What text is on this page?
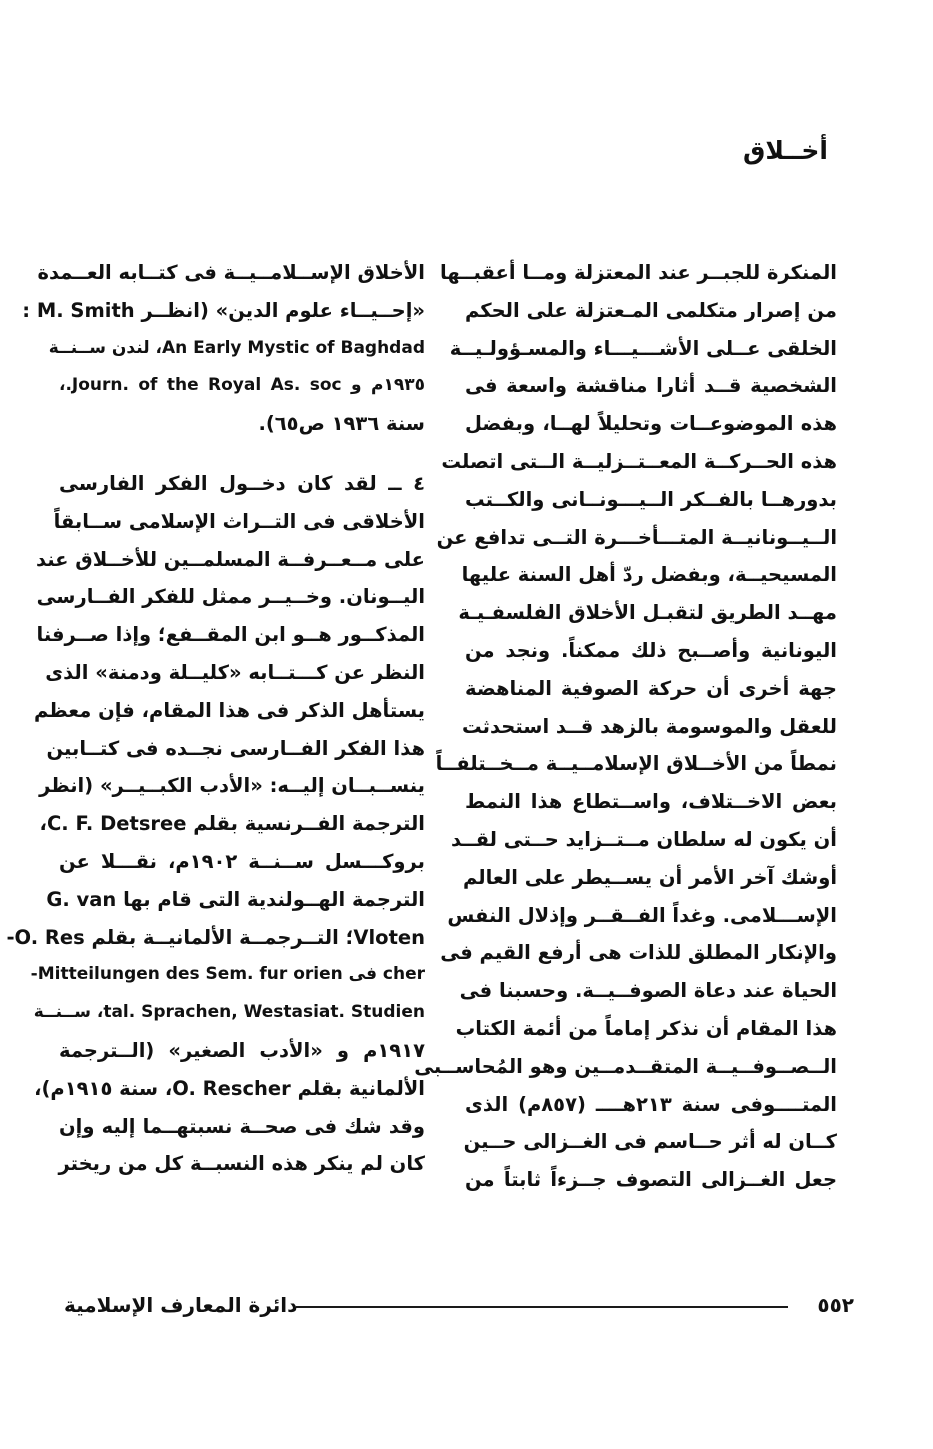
أخــلاق
المنكرة للجبــر عند المعتزلة ومــا أعقبــها
من إصرار متكلمى المـعتزلة على الحكم
الخلقى عــلى الأشـــيـــاء والمسـؤولـيــة
الشخصية قــد أثارا مناقشة واسعة فى
هذه الموضوعــات وتحليلاً لهــا، وبفضل
هذه الحــركــة المعــتــزليــة الــتى اتصلت
بدورهــا بالفــكر الــيـــونــانى والكــتب
الــيــونانيــة المتـــأخـــرة التــى تدافع عن
المسيحيــة، وبفضل ردّ أهل السنة عليها
مهــد الطريق لتقبـل الأخلاق الفلسفـيـة
اليونانية وأصــبح ذلك ممكناً. ونجد من
جهة أخرى أن حركة الصوفية المناهضة
للعقل والموسومة بالزهد قــد استحدثت
نمطاً من الأخــلاق الإسلامــيــة مــخــتلفــاً
بعض الاخــتلاف، واســتطاع هذا النمط
أن يكون له سلطان مــتــزايد حــتى لقــد
أوشك آخر الأمر أن يســيطر على العالم
الإســـلامى. وغداً الفــقــر وإذلال النفس
والإنكار المطلق للذات هى أرفع القيم فى
الحياة عند دعاة الصوفــيــة. وحسبنا فى
هذا المقام أن نذكر إماماً من أئمة الكتاب
الــصــوفــيــة المتقــدمــين وهو المُحاســبى
المتــــوفى سنة ٢١٣هــــ (٨٥٧م) الذى
كــان له أثر حــاسم فى الغــزالى حــين
جعل الغــزالى التصوف جــزءاً ثابتاً من
الأخلاق الإســلامــيــة فى كتــابه العــمدة
«إحــيــاء علوم الدين» (انظــر M. Smith :
An Early Mystic of Baghdad، لندن ســنــة
١٩٣٥م و Journ. of the Royal As. soc.،
سنة ١٩٣٦ ص٦٥).
٤ ــ لقد كان دخــول الفكر الفارسى
الأخلاقى فى التــراث الإسلامى ســابقاً
على مــعــرفــة المسلمــين للأخــلاق عند
اليــونان. وخــيــر ممثل للفكر الفــارسى
المذكــور هــو ابن المقــفع؛ وإذا صــرفنا
النظر عن كـــتــابه «كليــلة ودمنة» الذى
يستأهل الذكر فى هذا المقام، فإن معظم
هذا الفكر الفــارسى نجــده فى كتــابين
ينســبــان إليــه: «الأدب الكبــيــر» (انظر
الترجمة الفــرنسية بقلم C. F. Detsree،
بروكـــسل ســنــة ١٩٠٢م، نقـــلا عن
الترجمة الهــولندية التى قام بها G. van
Vloten؛ التــرجمــة الألمانيــة بقلم O. Res-
cher فى Mitteilungen des Sem. fur orien-
tal. Sprachen, Westasiat. Studien، ســنــة
١٩١٧م و «الأدب الصغير» (الــترجمة
الألمانية بقلم O. Rescher، سنة ١٩١٥م)،
وقد شك فى صحــة نسبتهــما إليه وإن
كان لم ينكر هذه النسبــة كل من ريختر
٥٥٢
دائرة المعارف الإسلامية
